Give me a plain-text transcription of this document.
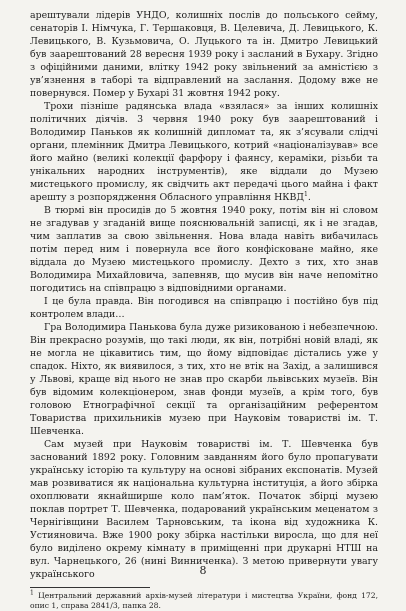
арештували лідерів УНДО, колишніх послів до польського сейму, сенаторів І. Німчука, Г. Тершаковця, В. Целевича, Д. Левицького, К. Левицького, В. Кузьмовича, О. Луцького та ін. Дмитро Левицький був заарештований 28 вересня 1939 року і засланий в Бухару. Згідно з офіційними даними, влітку 1942 року звільнений за амністією з ув’язнення в таборі та відправлений на заслання. Додому вже не повернувся. Помер у Бухарі 31 жовтня 1942 року.

Трохи пізніше радянська влада «взялася» за інших колишніх політичних діячів. 3 червня 1940 року був заарештований і Володимир Паньков як колишній дипломат та, як з’ясували слідчі органи, племінник Дмитра Левицького, котрий «націоналізував» все його майно (великі колекції фарфору і фаянсу, кераміки, різьби та унікальних народних інструментів), яке віддали до Музею мистецького промислу, як свідчить акт передачі цього майна і факт арешту з розпорядження Обласного управління НКВД$^1$.

В тюрмі він просидів до 5 жовтня 1940 року, потім він ні словом не згадував у згаданій вище пояснювальній записці, як і не згадав, чим заплатив за свою звільнення. Нова влада навіть вибачилась потім перед ним і повернула все його конфісковане майно, яке віддала до Музею мистецького промислу. Дехто з тих, хто знав Володимира Михайловича, запевняв, що мусив він наче непомітно погодитись на співпрацю з відповідними органами.

І це була правда. Він погодився на співпрацю і постійно був під контролем влади…

Гра Володимира Панькова була дуже ризикованою і небезпечною. Він прекрасно розумів, що такі люди, як він, потрібні новій владі, як не могла не цікавитись тим, що йому відповідає дістались уже у спадок. Ніхто, як виявилося, з тих, хто не втік на Захід, а залишився у Львові, краще від нього не знав про скарби львівських музеїв. Він був відомим колекціонером, знав фонди музеїв, а крім того, був головою Етнографічної секції та організаційним референтом Товариства прихильників музею при Науковім товаристві ім. Т. Шевченка.

Сам музей при Науковім товаристві ім. Т. Шевченка був заснований 1892 року. Головним завданням його було пропагувати українську історію та культуру на основі зібраних експонатів. Музей мав розвиватися як національна культурна інституція, а його збірка охоплювати якнайширше коло пам’яток. Початок збірці музею поклав портрет Т. Шевченка, подарований українським меценатом з Чернігівщини Василем Тарновським, та ікона від художника К. Устияновича. Вже 1900 року збірка настільки виросла, що для неї було виділено окрему кімнату в приміщенні при друкарні НТШ на вул. Чарнецького, 26 (нині Винниченка). З метою привернути увагу українського

$^1$ Центральний державний архів-музей літератури і мистецтва України, фонд 172, опис 1, справа 2841/3, папка 28.

8
